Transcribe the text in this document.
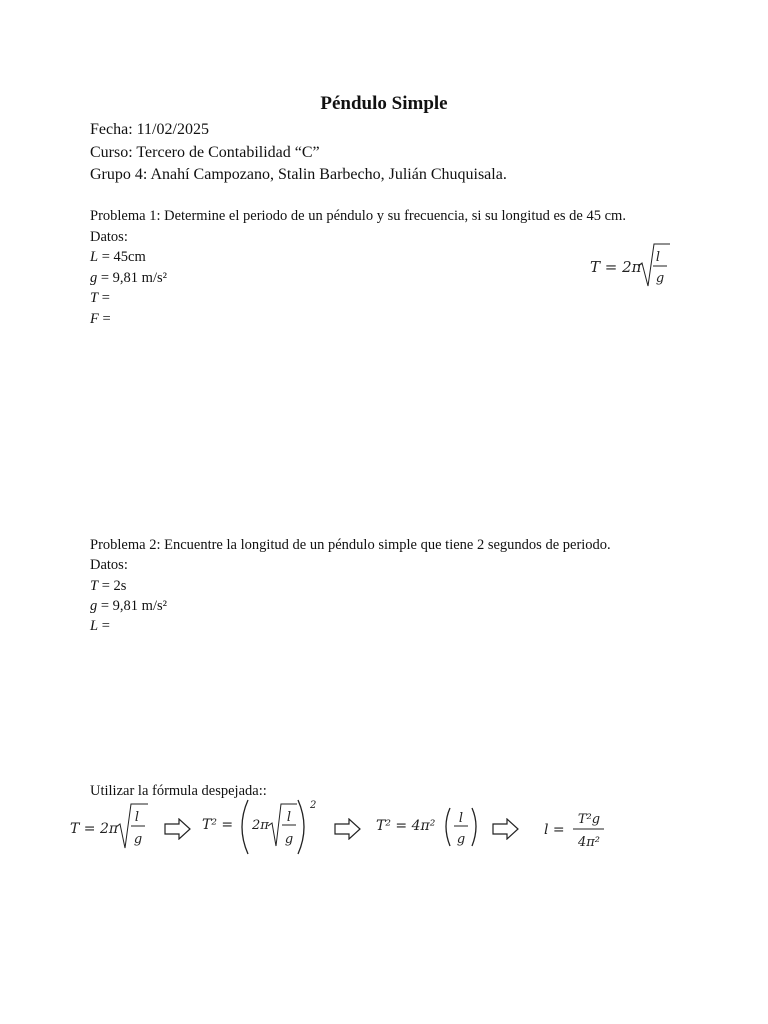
Péndulo Simple
Fecha: 11/02/2025
Curso: Tercero de Contabilidad “C”
Grupo 4: Anahí Campozano, Stalin Barbecho, Julián Chuquisala.
Problema 1: Determine el periodo de un péndulo y su frecuencia, si su longitud es de 45 cm.
Datos:
L = 45cm
g = 9,81 m/s²
T =
F =
T = 2π
l
g
Problema 2: Encuentre la longitud de un péndulo simple que tiene 2 segundos de periodo.
Datos:
T = 2s
g = 9,81 m/s²
L =
Utilizar la fórmula despejada::
T = 2π
l
g
T² = 2π
l
g
2
T² = 4π² l
g
l =
T²g
4π²
